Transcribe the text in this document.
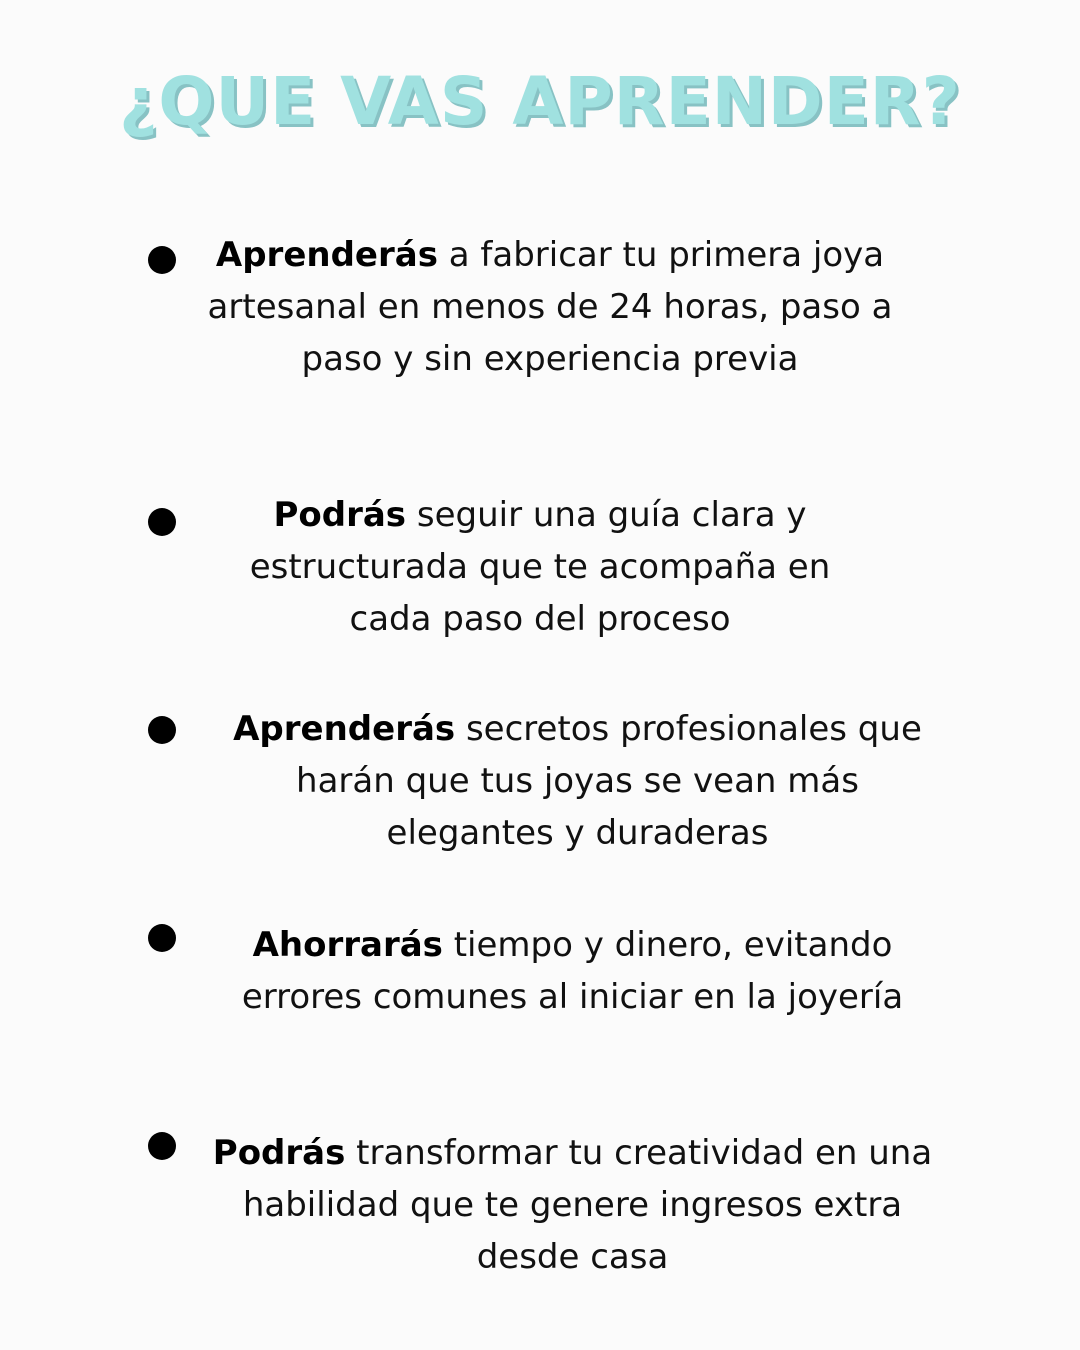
¿QUE VAS APRENDER?

Aprenderás a fabricar tu primera joya artesanal en menos de 24 horas, paso a paso y sin experiencia previa

Podrás seguir una guía clara y estructurada que te acompaña en cada paso del proceso

Aprenderás secretos profesionales que harán que tus joyas se vean más elegantes y duraderas

Ahorrarás tiempo y dinero, evitando errores comunes al iniciar en la joyería

Podrás transformar tu creatividad en una habilidad que te genere ingresos extra desde casa
